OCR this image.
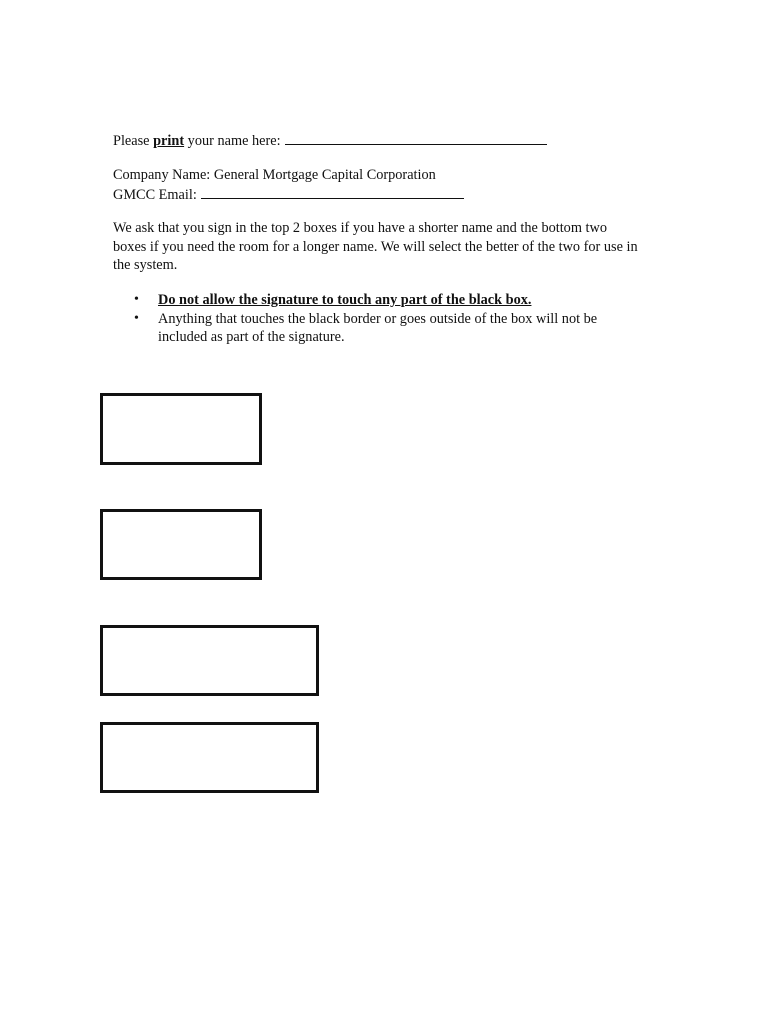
Please print your name here:
Company Name: General Mortgage Capital Corporation
GMCC Email:
We ask that you sign in the top 2 boxes if you have a shorter name and the bottom two boxes if you need the room for a longer name. We will select the better of the two for use in the system.
• Do not allow the signature to touch any part of the black box.
• Anything that touches the black border or goes outside of the box will not be included as part of the signature.
